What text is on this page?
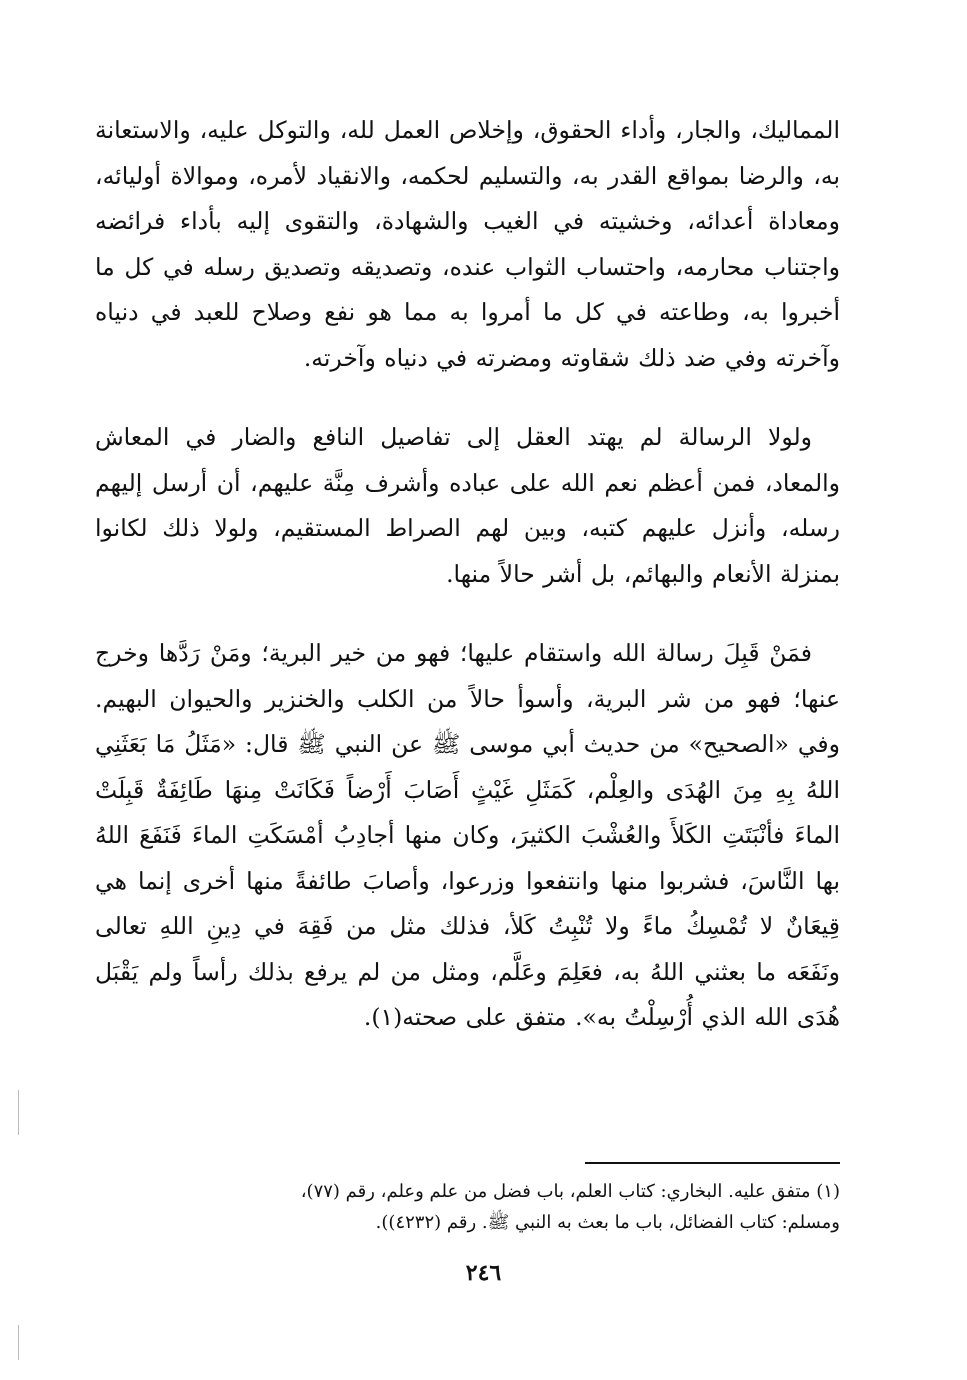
المماليك، والجار، وأداء الحقوق، وإخلاص العمل لله، والتوكل عليه، والاستعانة به، والرضا بمواقع القدر به، والتسليم لحكمه، والانقياد لأمره، وموالاة أوليائه، ومعاداة أعدائه، وخشيته في الغيب والشهادة، والتقوى إليه بأداء فرائضه واجتناب محارمه، واحتساب الثواب عنده، وتصديقه وتصديق رسله في كل ما أخبروا به، وطاعته في كل ما أمروا به مما هو نفع وصلاح للعبد في دنياه وآخرته وفي ضد ذلك شقاوته ومضرته في دنياه وآخرته.

ولولا الرسالة لم يهتد العقل إلى تفاصيل النافع والضار في المعاش والمعاد، فمن أعظم نعم الله على عباده وأشرف مِنَّة عليهم، أن أرسل إليهم رسله، وأنزل عليهم كتبه، وبين لهم الصراط المستقيم، ولولا ذلك لكانوا بمنزلة الأنعام والبهائم، بل أشر حالاً منها.

فمَنْ قَبِلَ رسالة الله واستقام عليها؛ فهو من خير البرية؛ ومَنْ رَدَّها وخرج عنها؛ فهو من شر البرية، وأسوأ حالاً من الكلب والخنزير والحيوان البهيم. وفي «الصحيح» من حديث أبي موسى ﷺ عن النبي ﷺ قال: «مَثَلُ مَا بَعَثَنِي اللهُ بِهِ مِنَ الهُدَى والعِلْم، كَمَثَلِ غَيْثٍ أَصَابَ أَرْضاً فَكَانَتْ مِنهَا طَائِفَةٌ قَبِلَتْ الماءَ فأنْبَتَتِ الكَلأَ والعُشْبَ الكثيرَ، وكان منها أجادِبُ أمْسَكَتِ الماءَ فَنَفَعَ اللهُ بها النَّاسَ، فشربوا منها وانتفعوا وزرعوا، وأصابَ طائفةً منها أخرى إنما هي قِيعَانٌ لا تُمْسِكُ ماءً ولا تُنْبِتُ كَلأ، فذلك مثل من فَقِهَ في دِينِ اللهِ تعالى ونَفَعَه ما بعثني اللهُ به، فعَلِمَ وعَلَّم، ومثل من لم يرفع بذلك رأساً ولم يَقْبَل هُدَى الله الذي أُرْسِلْتُ به». متفق على صحته(١).

(١) متفق عليه. البخاري: كتاب العلم، باب فضل من علم وعلم، رقم (٧٧)،

ومسلم: كتاب الفضائل، باب ما بعث به النبي ﷺ. رقم (٤٢٣٢)).

٢٤٦
